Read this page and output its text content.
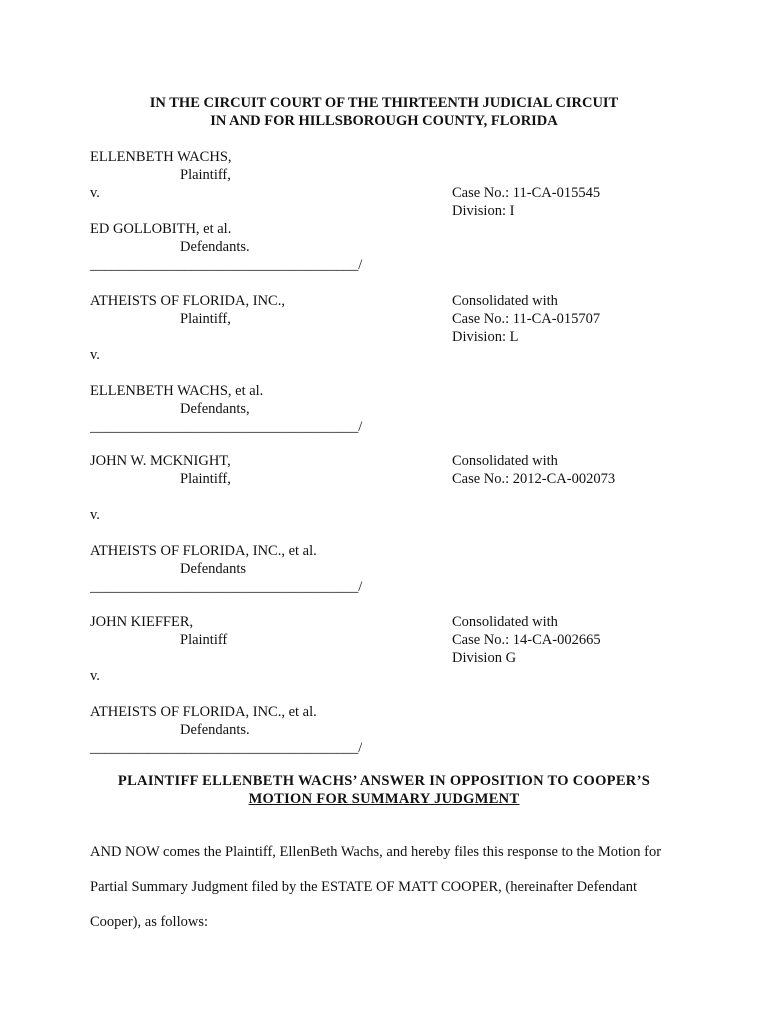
IN THE CIRCUIT COURT OF THE THIRTEENTH JUDICIAL CIRCUIT
IN AND FOR HILLSBOROUGH COUNTY, FLORIDA
ELLENBETH WACHS,
Plaintiff,
v.	Case No.: 11-CA-015545
Division: I
ED GOLLOBITH, et al.
Defendants.
_____________________________________/
ATHEISTS OF FLORIDA, INC.,	Consolidated with
Plaintiff,	Case No.: 11-CA-015707
Division: L
v.
ELLENBETH WACHS, et al.
Defendants,
_____________________________________/
JOHN W. MCKNIGHT,	Consolidated with
Plaintiff,	Case No.: 2012-CA-002073
v.
ATHEISTS OF FLORIDA, INC., et al.
Defendants
_____________________________________/
JOHN KIEFFER,	Consolidated with
Plaintiff	Case No.: 14-CA-002665
Division G
v.
ATHEISTS OF FLORIDA, INC., et al.
Defendants.
_____________________________________/
PLAINTIFF ELLENBETH WACHS’ ANSWER IN OPPOSITION TO COOPER’S
MOTION FOR SUMMARY JUDGMENT
AND NOW comes the Plaintiff, EllenBeth Wachs, and hereby files this response to the Motion for
Partial Summary Judgment filed by the ESTATE OF MATT COOPER, (hereinafter Defendant
Cooper), as follows:
